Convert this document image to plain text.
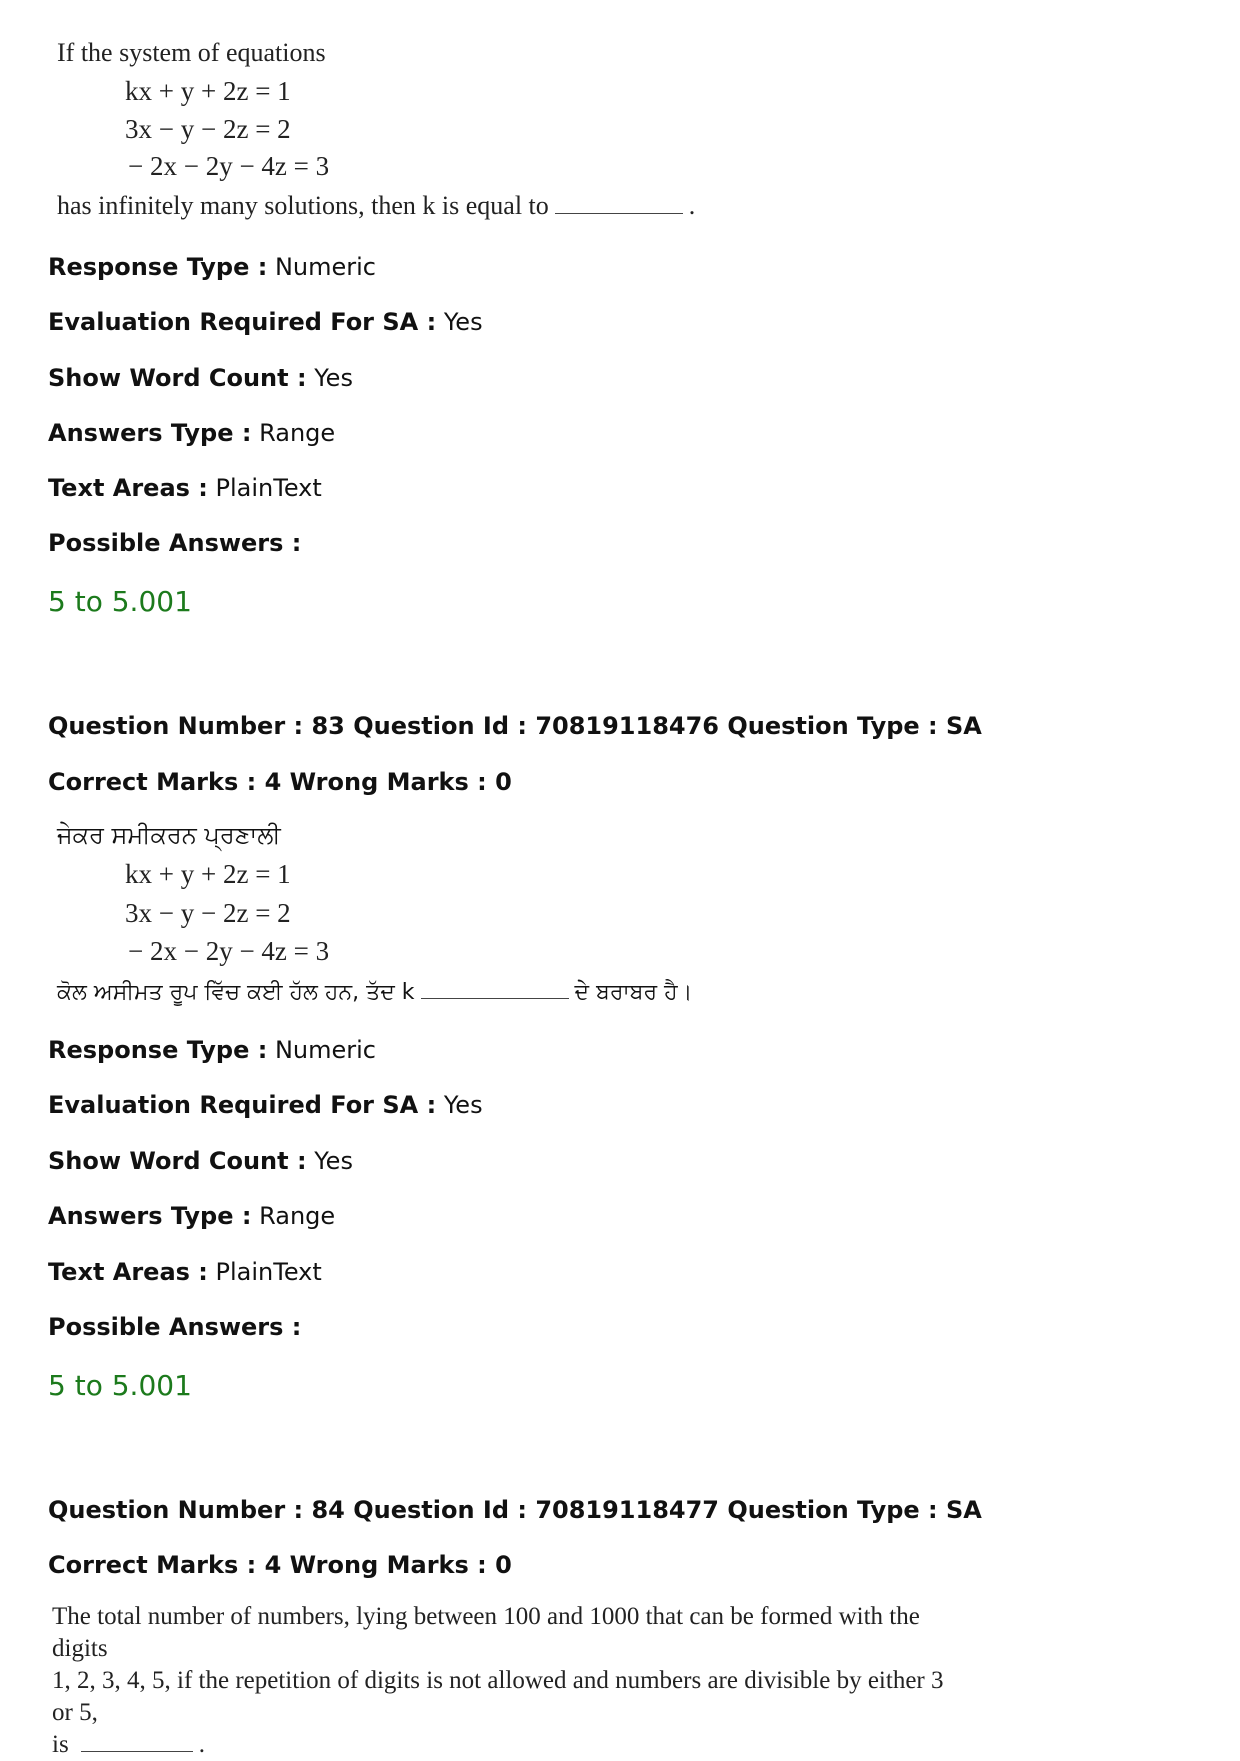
If the system of equations
kx + y + 2z = 1
3x − y − 2z = 2
− 2x − 2y − 4z = 3
has infinitely many solutions, then k is equal to	.
Response Type : Numeric
Evaluation Required For SA : Yes
Show Word Count : Yes
Answers Type : Range
Text Areas : PlainText
Possible Answers :
5 to 5.001
Question Number : 83 Question Id : 70819118476 Question Type : SA
Correct Marks : 4 Wrong Marks : 0
ਜੇਕਰ ਸਮੀਕਰਨ ਪ੍ਰਣਾਲੀ
kx + y + 2z = 1
3x − y − 2z = 2
− 2x − 2y − 4z = 3
ਕੋਲ ਅਸੀਮਤ ਰੂਪ ਵਿੱਚ ਕਈ ਹੱਲ ਹਨ, ਤੱਦ k	ਦੇ ਬਰਾਬਰ ਹੈ।
Response Type : Numeric
Evaluation Required For SA : Yes
Show Word Count : Yes
Answers Type : Range
Text Areas : PlainText
Possible Answers :
5 to 5.001
Question Number : 84 Question Id : 70819118477 Question Type : SA
Correct Marks : 4 Wrong Marks : 0
The total number of numbers, lying between 100 and 1000 that can be formed with the digits
1, 2, 3, 4, 5, if the repetition of digits is not allowed and numbers are divisible by either 3 or 5,
is	.
